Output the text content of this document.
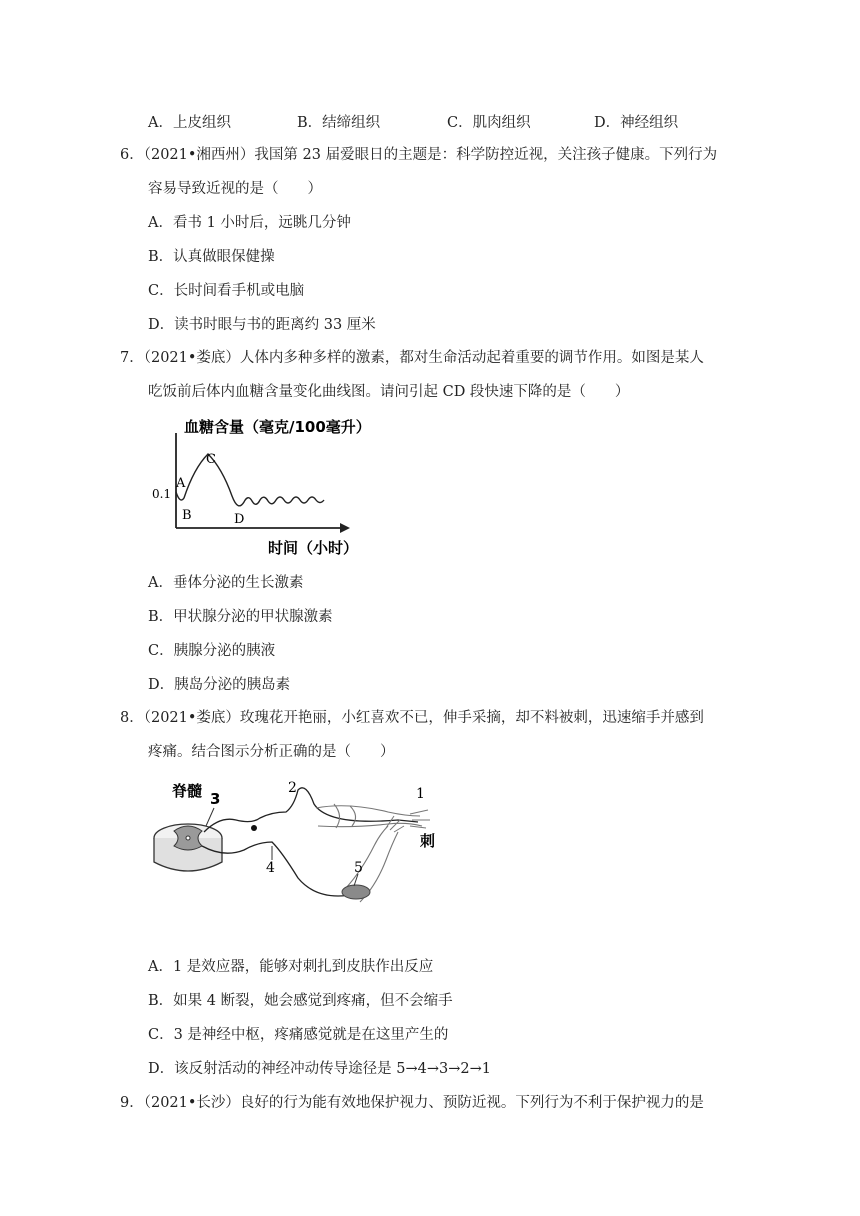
A．上皮组织	B．结缔组织	C．肌肉组织	D．神经组织
6．（2021•湘西州）我国第 23 届爱眼日的主题是：科学防控近视，关注孩子健康。下列行为
容易导致近视的是（　　）
A．看书 1 小时后，远眺几分钟
B．认真做眼保健操
C．长时间看手机或电脑
D．读书时眼与书的距离约 33 厘米
7．（2021•娄底）人体内多种多样的激素，都对生命活动起着重要的调节作用。如图是某人
吃饭前后体内血糖含量变化曲线图。请问引起 CD 段快速下降的是（　　）
血糖含量（毫克/100毫升）
0.1
A
B
C
D
时间（小时）
A．垂体分泌的生长激素
B．甲状腺分泌的甲状腺激素
C．胰腺分泌的胰液
D．胰岛分泌的胰岛素
8．（2021•娄底）玫瑰花开艳丽，小红喜欢不已，伸手采摘，却不料被刺，迅速缩手并感到
疼痛。结合图示分析正确的是（　　）
脊髓 3
2
4
1
刺
5
A．1 是效应器，能够对刺扎到皮肤作出反应
B．如果 4 断裂，她会感觉到疼痛，但不会缩手
C．3 是神经中枢，疼痛感觉就是在这里产生的
D．该反射活动的神经冲动传导途径是 5→4→3→2→1
9．（2021•长沙）良好的行为能有效地保护视力、预防近视。下列行为不利于保护视力的是
